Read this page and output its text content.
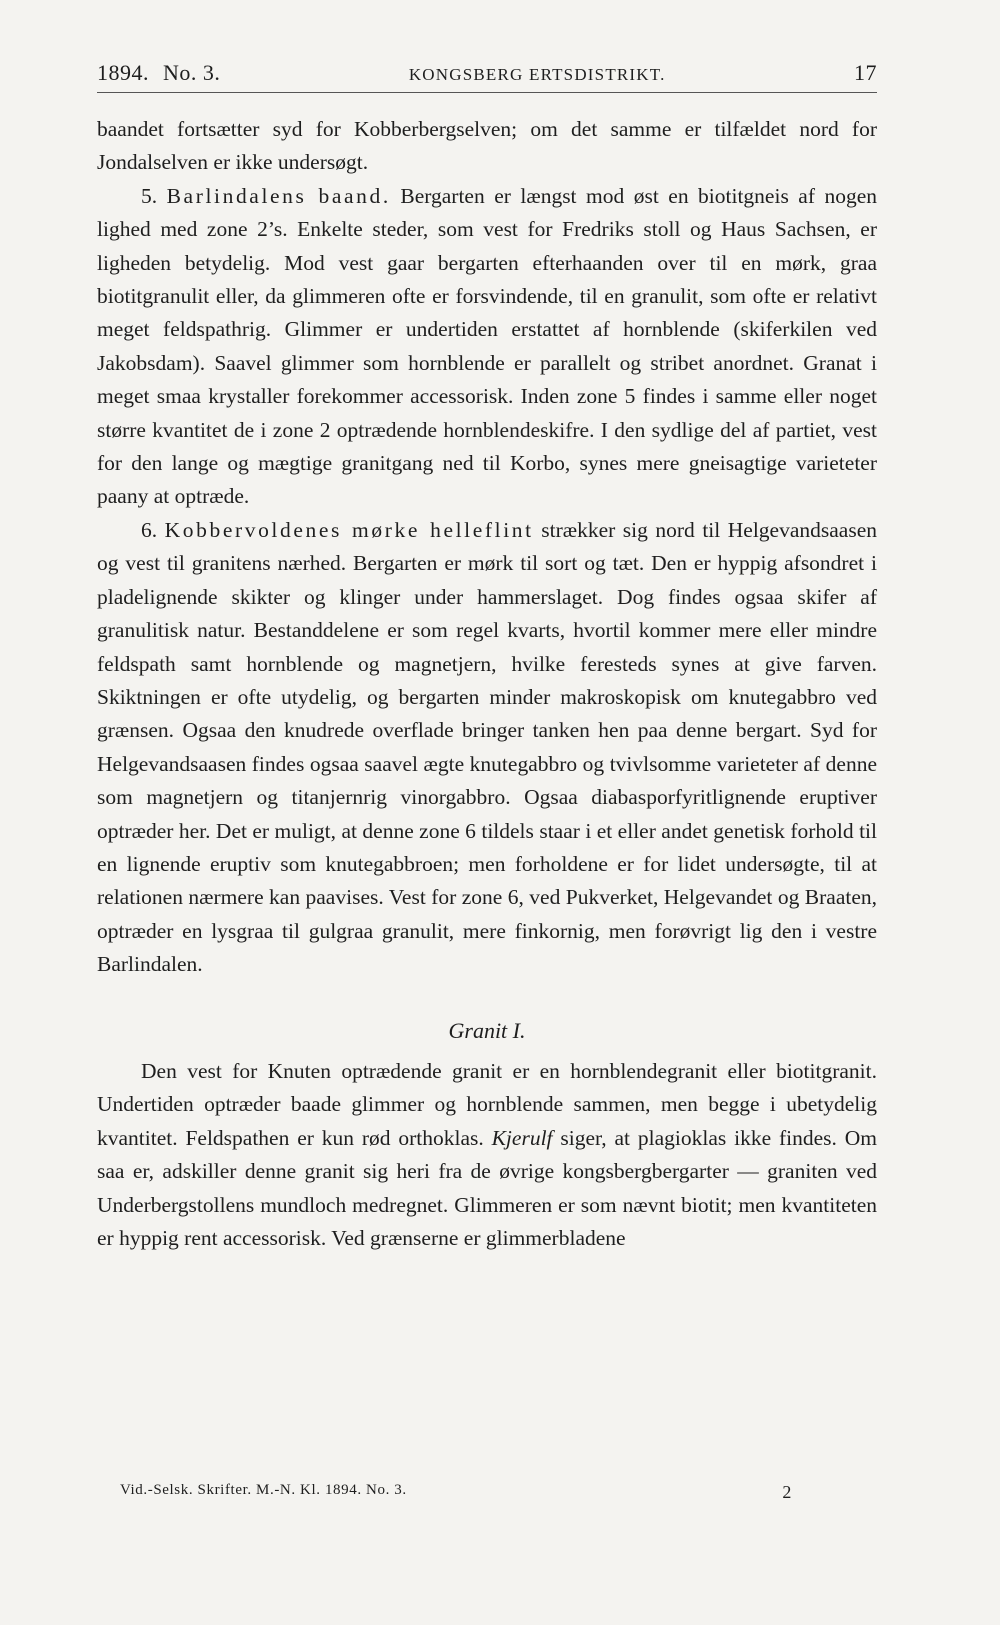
1894. No. 3.	KONGSBERG ERTSDISTRIKT.	17

baandet fortsætter syd for Kobberbergselven; om det samme er tilfældet nord for Jondalselven er ikke undersøgt.

5. Barlindalens baand. Bergarten er længst mod øst en biotitgneis af nogen lighed med zone 2’s. Enkelte steder, som vest for Fredriks stoll og Haus Sachsen, er ligheden betydelig. Mod vest gaar bergarten efterhaanden over til en mørk, graa biotitgranulit eller, da glimmeren ofte er forsvindende, til en granulit, som ofte er relativt meget feldspathrig. Glimmer er undertiden erstattet af hornblende (skiferkilen ved Jakobsdam). Saavel glimmer som hornblende er parallelt og stribet anordnet. Granat i meget smaa krystaller forekommer accessorisk. Inden zone 5 findes i samme eller noget større kvantitet de i zone 2 optrædende hornblendeskifre. I den sydlige del af partiet, vest for den lange og mægtige granitgang ned til Korbo, synes mere gneisagtige varieteter paany at optræde.

6. Kobbervoldenes mørke helleflint strækker sig nord til Helgevandsaasen og vest til granitens nærhed. Bergarten er mørk til sort og tæt. Den er hyppig afsondret i pladelignende skikter og klinger under hammerslaget. Dog findes ogsaa skifer af granulitisk natur. Bestanddelene er som regel kvarts, hvortil kommer mere eller mindre feldspath samt hornblende og magnetjern, hvilke feresteds synes at give farven. Skiktningen er ofte utydelig, og bergarten minder makroskopisk om knutegabbro ved grænsen. Ogsaa den knudrede overflade bringer tanken hen paa denne bergart. Syd for Helgevandsaasen findes ogsaa saavel ægte knutegabbro og tvivlsomme varieteter af denne som magnetjern og titanjernrig vinorgabbro. Ogsaa diabasporfyritlignende eruptiver optræder her. Det er muligt, at denne zone 6 tildels staar i et eller andet genetisk forhold til en lignende eruptiv som knutegabbroen; men forholdene er for lidet undersøgte, til at relationen nærmere kan paavises. Vest for zone 6, ved Pukverket, Helgevandet og Braaten, optræder en lysgraa til gulgraa granulit, mere finkornig, men forøvrigt lig den i vestre Barlindalen.

Granit I.

Den vest for Knuten optrædende granit er en hornblendegranit eller biotitgranit. Undertiden optræder baade glimmer og hornblende sammen, men begge i ubetydelig kvantitet. Feldspathen er kun rød orthoklas. Kjerulf siger, at plagioklas ikke findes. Om saa er, adskiller denne granit sig heri fra de øvrige kongsbergbergarter — graniten ved Underbergstollens mundloch medregnet. Glimmeren er som nævnt biotit; men kvantiteten er hyppig rent accessorisk. Ved grænserne er glimmerbladene

Vid.-Selsk. Skrifter. M.-N. Kl. 1894. No. 3.	2
